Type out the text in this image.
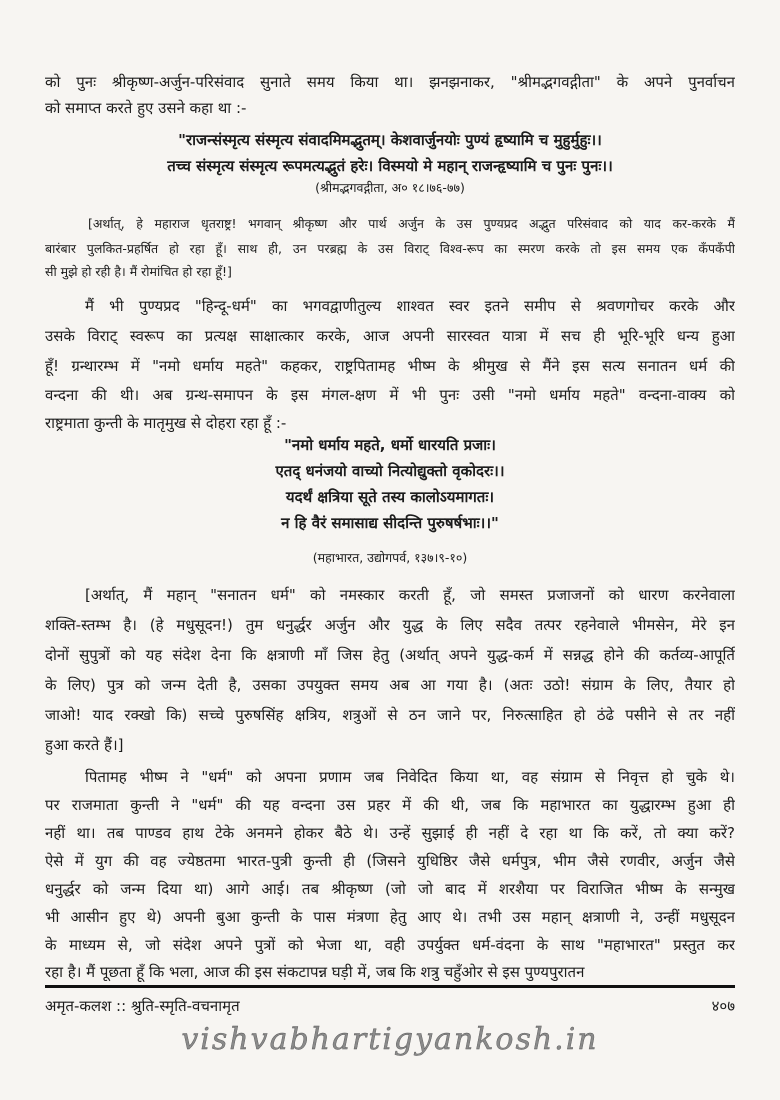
अमृत-कलश :: श्रुति-स्मृति-वचनामृत	४०७
vishvabhartigyankosh.in
को पुनः श्रीकृष्ण-अर्जुन-परिसंवाद सुनाते समय किया था। झनझनाकर, "श्रीमद्भगवद्गीता" के अपने पुनर्वाचन
को समाप्त करते हुए उसने कहा था :-
[अर्थात्, हे महाराज धृतराष्ट्र! भगवान् श्रीकृष्ण और पार्थ अर्जुन के उस पुण्यप्रद अद्भुत परिसंवाद को याद कर-करके मैं
बारंबार पुलकित-प्रहर्षित हो रहा हूँ। साथ ही, उन परब्रह्म के उस विराट् विश्व-रूप का स्मरण करके तो इस समय एक कँपकँपी
सी मुझे हो रही है। मैं रोमांचित हो रहा हूँ!]
मैं भी पुण्यप्रद "हिन्दू-धर्म" का भगवद्वाणीतुल्य शाश्वत स्वर इतने समीप से श्रवणगोचर करके और
उसके विराट् स्वरूप का प्रत्यक्ष साक्षात्कार करके, आज अपनी सारस्वत यात्रा में सच ही भूरि-भूरि धन्य हुआ
हूँ! ग्रन्थारम्भ में "नमो धर्माय महते" कहकर, राष्ट्रपितामह भीष्म के श्रीमुख से मैंने इस सत्य सनातन धर्म की
वन्दना की थी। अब ग्रन्थ-समापन के इस मंगल-क्षण में भी पुनः उसी "नमो धर्माय महते" वन्दना-वाक्य को
राष्ट्रमाता कुन्ती के मातृमुख से दोहरा रहा हूँ :-
[अर्थात्, मैं महान् "सनातन धर्म" को नमस्कार करती हूँ, जो समस्त प्रजाजनों को धारण करनेवाला
शक्ति-स्तम्भ है। (हे मधुसूदन!) तुम धनुर्द्धर अर्जुन और युद्ध के लिए सदैव तत्पर रहनेवाले भीमसेन, मेरे इन
दोनों सुपुत्रों को यह संदेश देना कि क्षत्राणी माँ जिस हेतु (अर्थात् अपने युद्ध-कर्म में सन्नद्ध होने की कर्तव्य-आपूर्ति
के लिए) पुत्र को जन्म देती है, उसका उपयुक्त समय अब आ गया है। (अतः उठो! संग्राम के लिए, तैयार हो
जाओ! याद रक्खो कि) सच्चे पुरुषसिंह क्षत्रिय, शत्रुओं से ठन जाने पर, निरुत्साहित हो ठंढे पसीने से तर नहीं
हुआ करते हैं।]
पितामह भीष्म ने "धर्म" को अपना प्रणाम जब निवेदित किया था, वह संग्राम से निवृत्त हो चुके थे।
पर राजमाता कुन्ती ने "धर्म" की यह वन्दना उस प्रहर में की थी, जब कि महाभारत का युद्धारम्भ हुआ ही
नहीं था। तब पाण्डव हाथ टेके अनमने होकर बैठे थे। उन्हें सुझाई ही नहीं दे रहा था कि करें, तो क्या करें?
ऐसे में युग की वह ज्येष्ठतमा भारत-पुत्री कुन्ती ही (जिसने युधिष्ठिर जैसे धर्मपुत्र, भीम जैसे रणवीर, अर्जुन जैसे
धनुर्द्धर को जन्म दिया था) आगे आई। तब श्रीकृष्ण (जो जो बाद में शरशैया पर विराजित भीष्म के सन्मुख
भी आसीन हुए थे) अपनी बुआ कुन्ती के पास मंत्रणा हेतु आए थे। तभी उस महान् क्षत्राणी ने, उन्हीं मधुसूदन
के माध्यम से, जो संदेश अपने पुत्रों को भेजा था, वही उपर्युक्त धर्म-वंदना के साथ "महाभारत" प्रस्तुत कर
रहा है। मैं पूछता हूँ कि भला, आज की इस संकटापन्न घड़ी में, जब कि शत्रु चहुँओर से इस पुण्यपुरातन
"राजन्संस्मृत्य संस्मृत्य संवादमिमद्भुतम्। केशवार्जुनयोः पुण्यं हृष्यामि च मुहुर्मुहुः।।
तच्च संस्मृत्य संस्मृत्य रूपमत्यद्भुतं हरेः। विस्मयो मे महान् राजन्हृष्यामि च पुनः पुनः।।
(श्रीमद्भगवद्गीता, अ० १८।७६-७७)
"नमो धर्माय महते, धर्मो धारयति प्रजाः।
एतद् धनंजयो वाच्यो नित्योद्युक्तो वृकोदरः।।
यदर्थं क्षत्रिया सूते तस्य कालोऽयमागतः।
न हि वैरं समासाद्य सीदन्ति पुरुषर्षभाः।।"
(महाभारत, उद्योगपर्व, १३७।९-१०)
